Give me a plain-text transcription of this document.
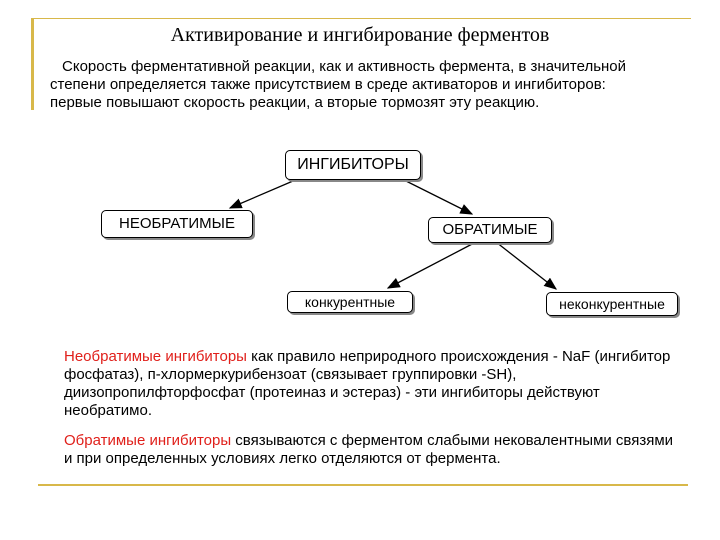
Активирование и ингибирование ферментов
Скорость ферментативной реакции, как и активность фермента, в значительной
степени определяется также присутствием в среде активаторов и ингибиторов:
первые повышают скорость реакции, а вторые тормозят эту реакцию.
ИНГИБИТОРЫ
НЕОБРАТИМЫЕ	ОБРАТИМЫЕ
конкурентные	неконкурентные
Необратимые ингибиторы как правило неприродного происхождения - NaF (ингибитор фосфатаз), п-хлормеркурибензоат (связывает группировки -SH), диизопропилфторфосфат (протеиназ и эстераз) - эти ингибиторы действуют необратимо.
Обратимые ингибиторы связываются с ферментом слабыми нековалентными связями и при определенных условиях легко отделяются от фермента.
